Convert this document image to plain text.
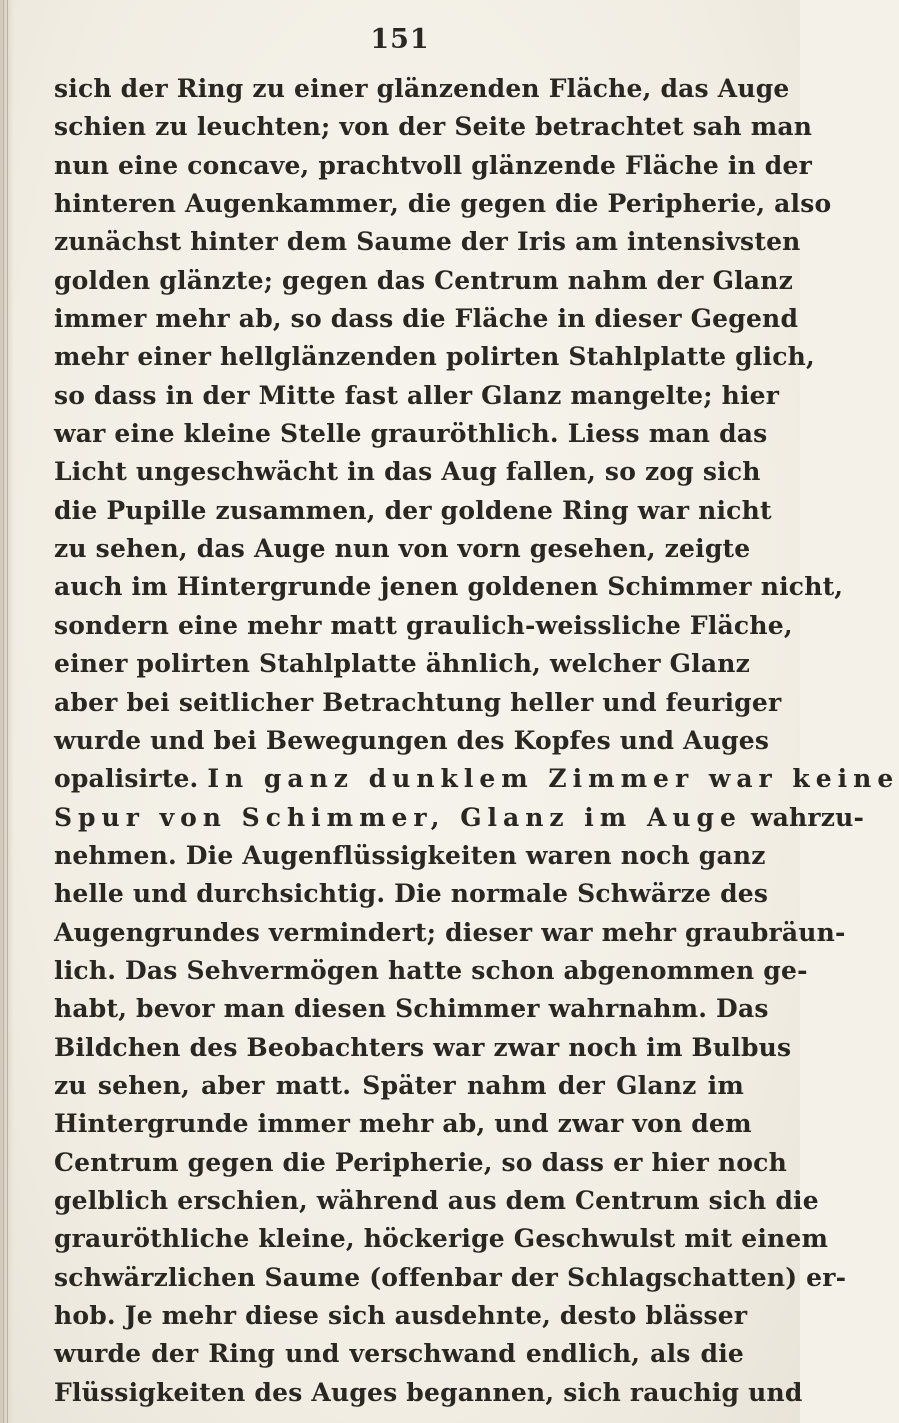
151
sich der Ring zu einer glänzenden Fläche, das Auge
schien zu leuchten; von der Seite betrachtet sah man
nun eine concave, prachtvoll glänzende Fläche in der
hinteren Augenkammer, die gegen die Peripherie, also
zunächst hinter dem Saume der Iris am intensivsten
golden glänzte; gegen das Centrum nahm der Glanz
immer mehr ab, so dass die Fläche in dieser Gegend
mehr einer hellglänzenden polirten Stahlplatte glich,
so dass in der Mitte fast aller Glanz mangelte; hier
war eine kleine Stelle grauröthlich. Liess man das
Licht ungeschwächt in das Aug fallen, so zog sich
die Pupille zusammen, der goldene Ring war nicht
zu sehen, das Auge nun von vorn gesehen, zeigte
auch im Hintergrunde jenen goldenen Schimmer nicht,
sondern eine mehr matt graulich-weissliche Fläche,
einer polirten Stahlplatte ähnlich, welcher Glanz
aber bei seitlicher Betrachtung heller und feuriger
wurde und bei Bewegungen des Kopfes und Auges
opalisirte. In ganz dunklem Zimmer war keine
Spur von Schimmer, Glanz im Auge wahrzu-
nehmen. Die Augenflüssigkeiten waren noch ganz
helle und durchsichtig. Die normale Schwärze des
Augengrundes vermindert; dieser war mehr graubräun-
lich. Das Sehvermögen hatte schon abgenommen ge-
habt, bevor man diesen Schimmer wahrnahm. Das
Bildchen des Beobachters war zwar noch im Bulbus
zu sehen, aber matt. Später nahm der Glanz im
Hintergrunde immer mehr ab, und zwar von dem
Centrum gegen die Peripherie, so dass er hier noch
gelblich erschien, während aus dem Centrum sich die
grauröthliche kleine, höckerige Geschwulst mit einem
schwärzlichen Saume (offenbar der Schlagschatten) er-
hob. Je mehr diese sich ausdehnte, desto blässer
wurde der Ring und verschwand endlich, als die
Flüssigkeiten des Auges begannen, sich rauchig und
